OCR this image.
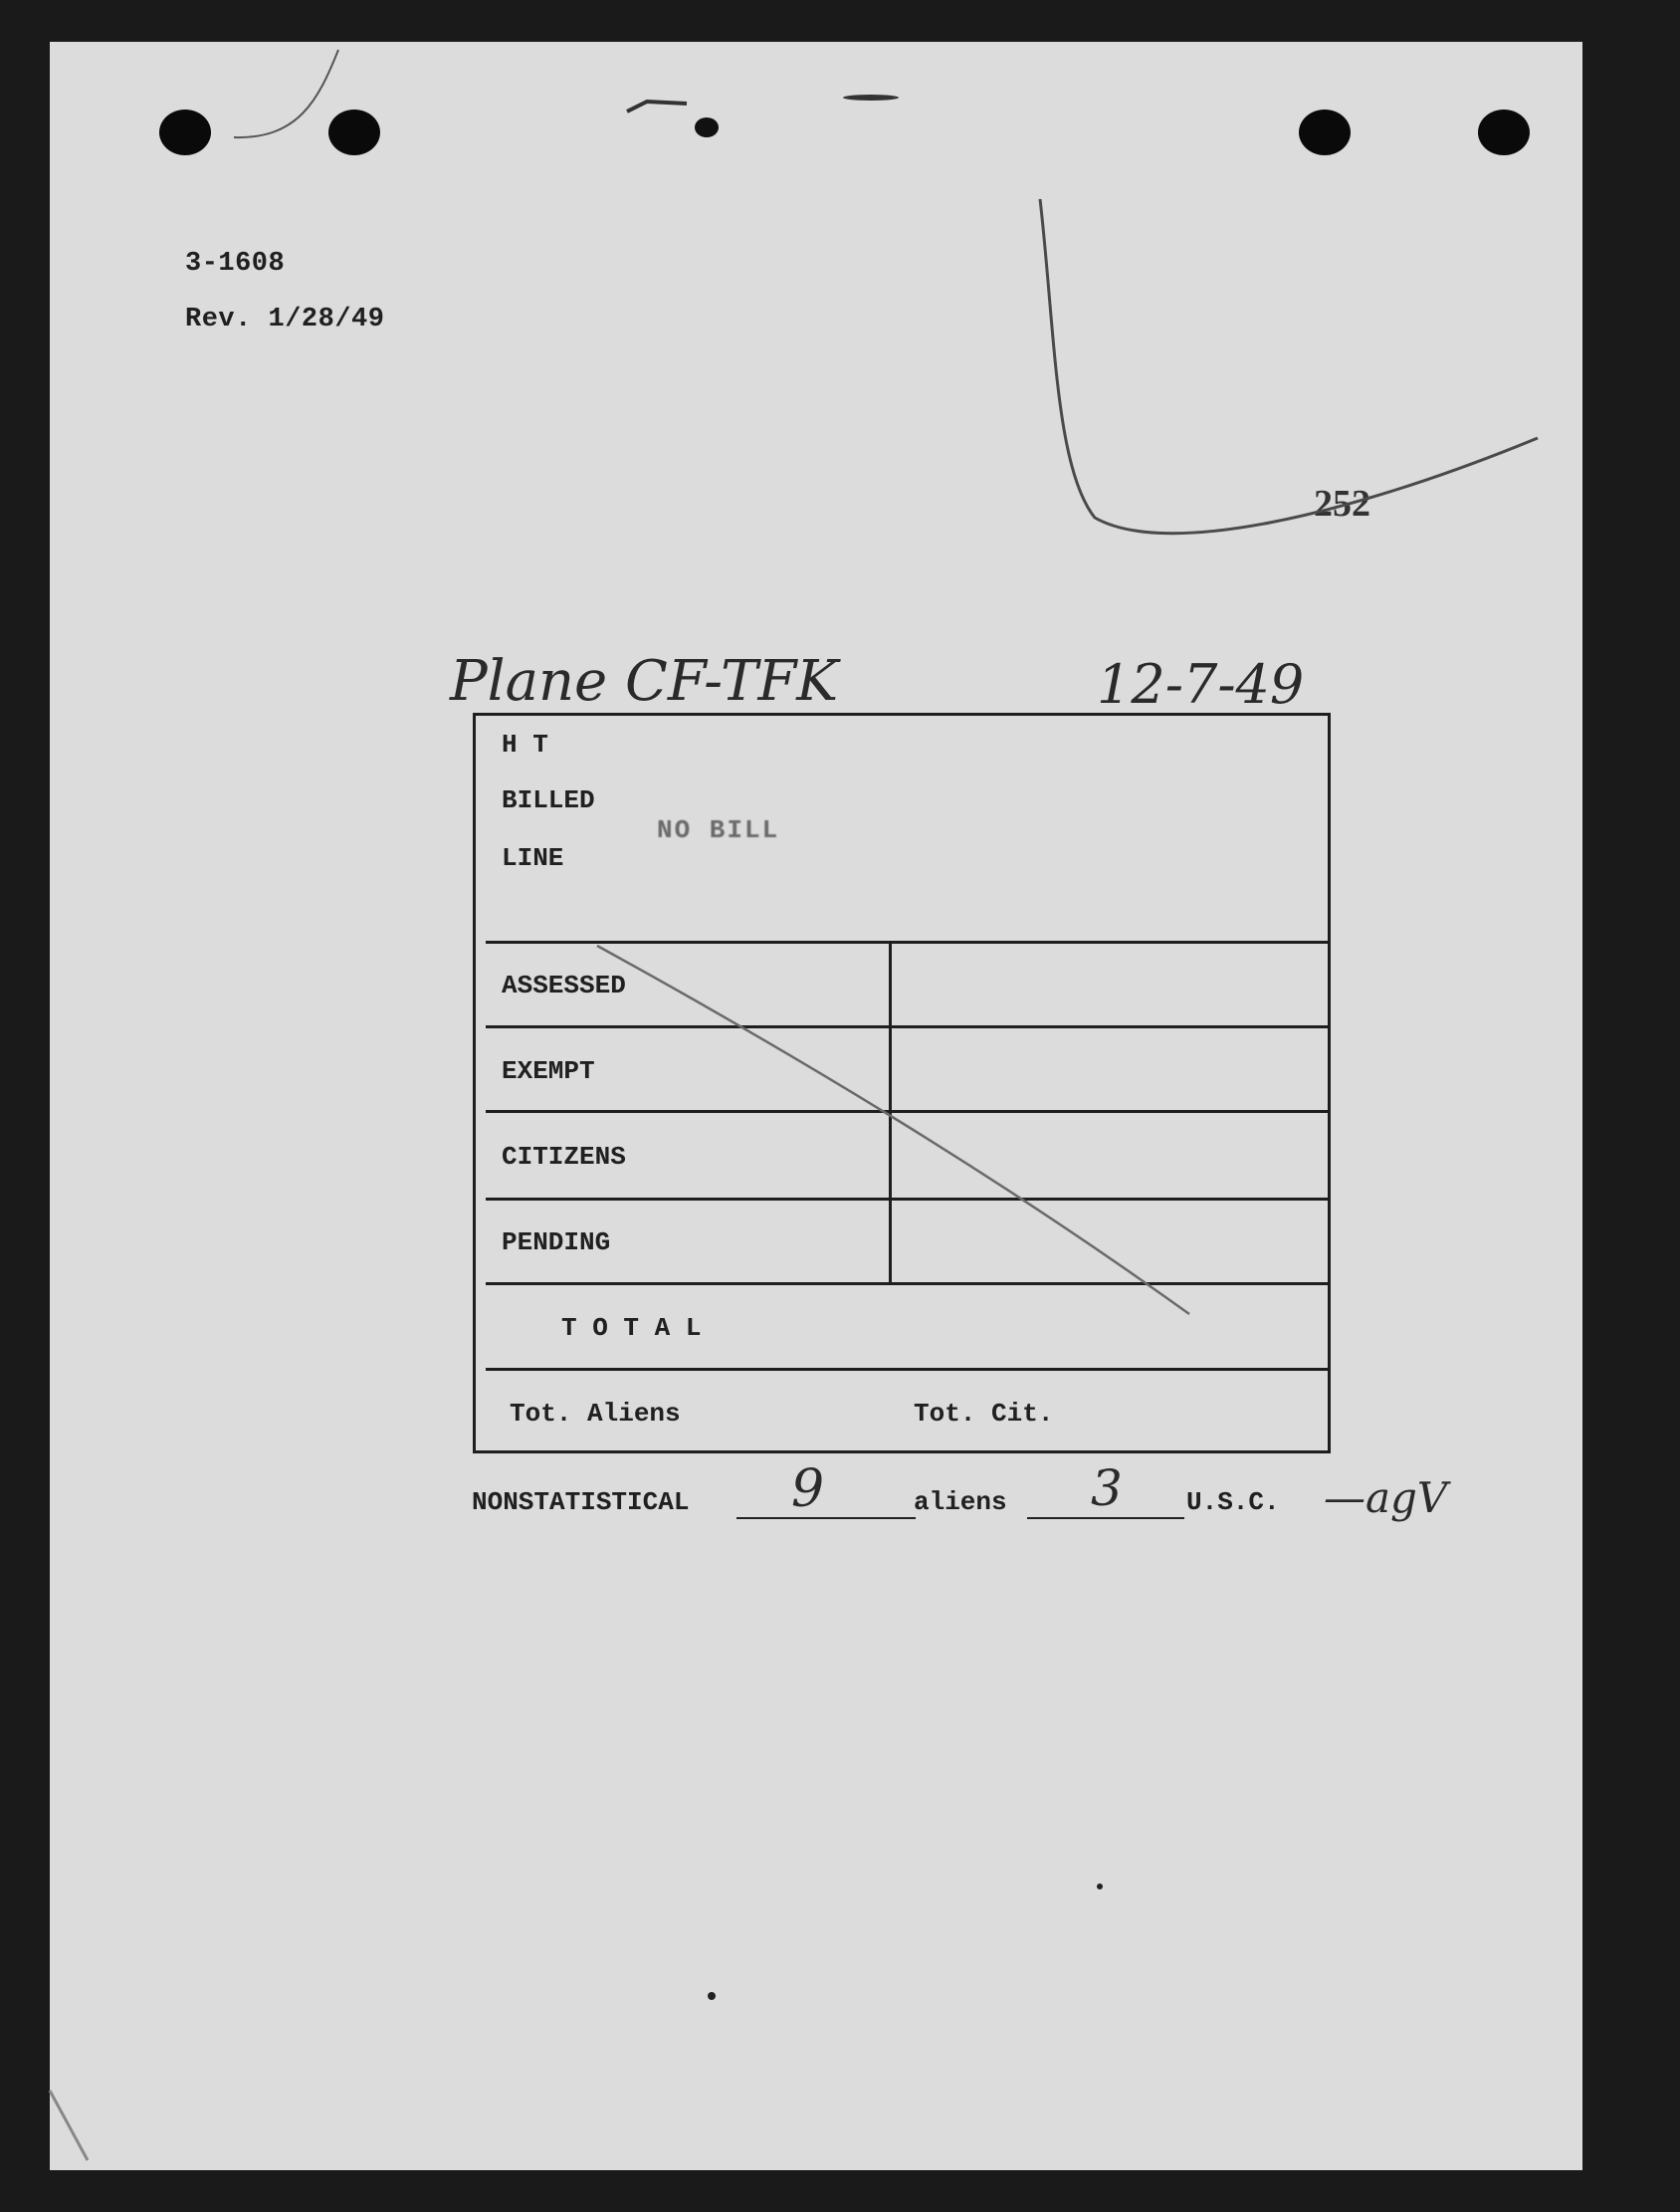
3-1608
Rev. 1/28/49
252
Plane CF-TFK	12-7-49
H T
BILLED
LINE
NO BILL
ASSESSED
EXEMPT
CITIZENS
PENDING
T O T A L
Tot. Aliens	Tot. Cit.
NONSTATISTICAL 9	aliens 3 U.S.C. —agV
